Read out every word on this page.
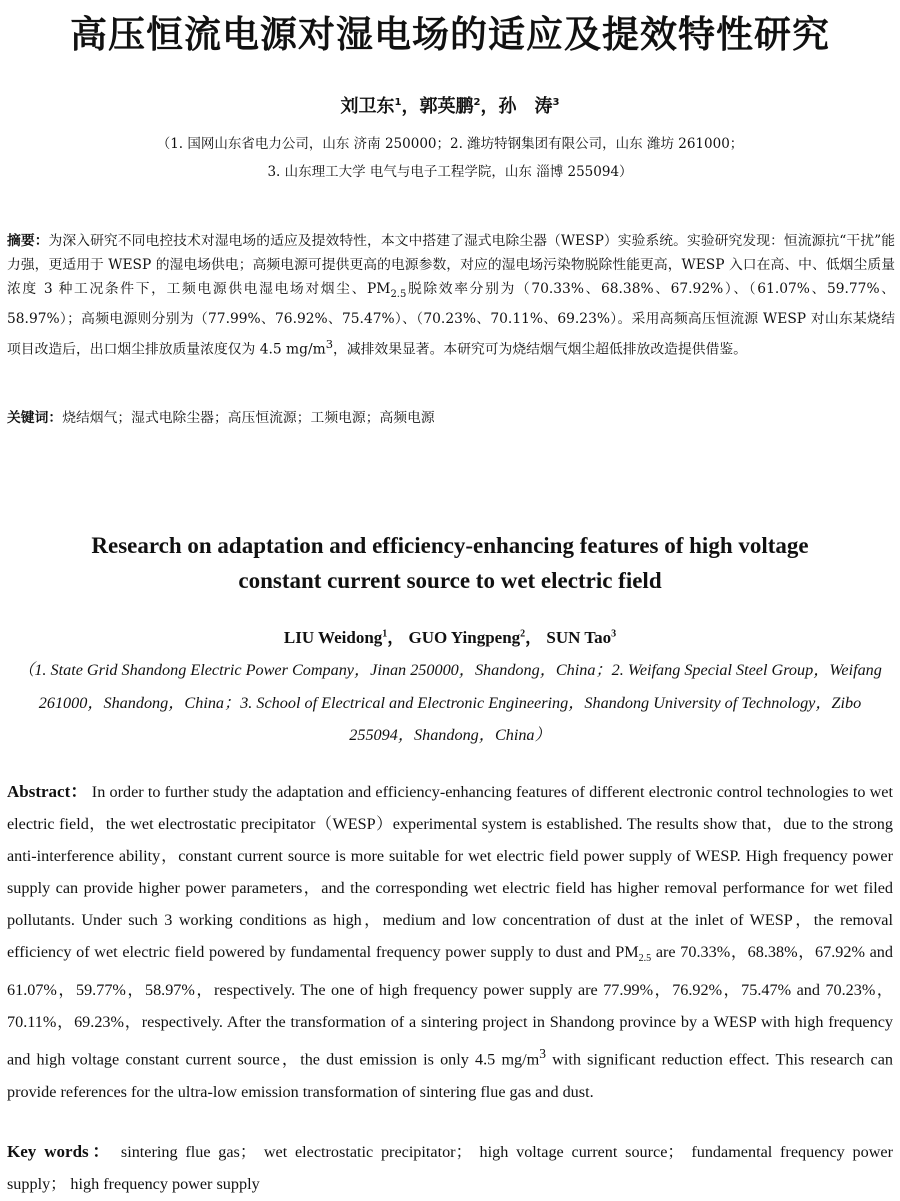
高压恒流电源对湿电场的适应及提效特性研究
刘卫东$^1$，郭英鹏$^2$，孙　涛$^3$
（1. 国网山东省电力公司，山东 济南 250000；2. 潍坊特钢集团有限公司，山东 潍坊 261000；
3. 山东理工大学 电气与电子工程学院，山东 淄博 255094）
摘要：为深入研究不同电控技术对湿电场的适应及提效特性，本文中搭建了湿式电除尘器（WESP）实验系统。实验研究发现：恒流源抗“干扰”能力强，更适用于 WESP 的湿电场供电；高频电源可提供更高的电源参数，对应的湿电场污染物脱除性能更高，WESP 入口在高、中、低烟尘质量浓度 3 种工况条件下，工频电源供电湿电场对烟尘、$PM_{2.5}$脱除效率分别为（70.33%、68.38%、67.92%）、（61.07%、59.77%、58.97%）；高频电源则分别为（77.99%、76.92%、75.47%）、（70.23%、70.11%、69.23%）。采用高频高压恒流源 WESP 对山东某烧结项目改造后，出口烟尘排放质量浓度仅为 4.5 $mg/m^3$，减排效果显著。本研究可为烧结烟气烟尘超低排放改造提供借鉴。
关键词：烧结烟气；湿式电除尘器；高压恒流源；工频电源；高频电源
Research on adaptation and efficiency-enhancing features of high voltage
constant current source to wet electric field
LIU Weidong$^1$， GUO Yingpeng$^2$， SUN Tao$^3$
（1. State Grid Shandong Electric Power Company，Jinan 250000，Shandong，China；2. Weifang Special Steel Group，Weifang 261000，Shandong，China；3. School of Electrical and Electronic Engineering，Shandong University of Technology，Zibo 255094，Shandong，China）
Abstract： In order to further study the adaptation and efficiency-enhancing features of different electronic control technologies to wet electric field，the wet electrostatic precipitator（WESP）experimental system is established. The results show that，due to the strong anti-interference ability，constant current source is more suitable for wet electric field power supply of WESP. High frequency power supply can provide higher power parameters，and the corresponding wet electric field has higher removal performance for wet filed pollutants. Under such 3 working conditions as high，medium and low concentration of dust at the inlet of WESP，the removal efficiency of wet electric field powered by fundamental frequency power supply to dust and $PM_{2.5}$ are 70.33%，68.38%，67.92% and 61.07%，59.77%，58.97%，respectively. The one of high frequency power supply are 77.99%，76.92%，75.47% and 70.23%，70.11%，69.23%，respectively. After the transformation of a sintering project in Shandong province by a WESP with high frequency and high voltage constant current source，the dust emission is only 4.5 $mg/m^3$ with significant reduction effect. This research can provide references for the ultra-low emission transformation of sintering flue gas and dust.
Key words： sintering flue gas； wet electrostatic precipitator； high voltage current source； fundamental frequency power supply； high frequency power supply
